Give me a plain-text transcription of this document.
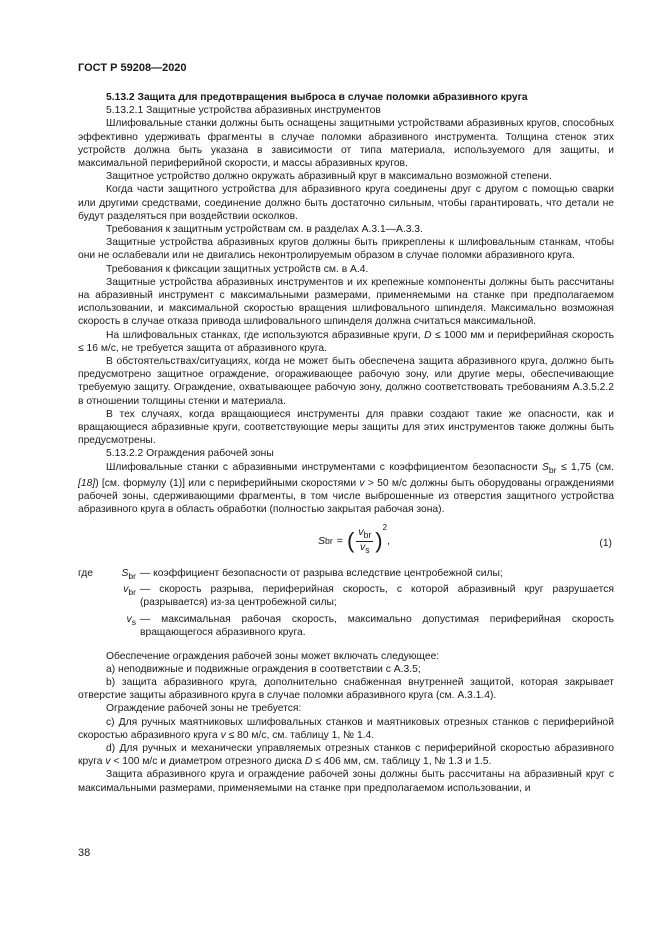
ГОСТ Р 59208—2020

5.13.2 Защита для предотвращения выброса в случае поломки абразивного круга

5.13.2.1 Защитные устройства абразивных инструментов

Шлифовальные станки должны быть оснащены защитными устройствами абразивных кругов, способных эффективно удерживать фрагменты в случае поломки абразивного инструмента. Толщина стенок этих устройств должна быть указана в зависимости от типа материала, используемого для защиты, и максимальной периферийной скорости, и массы абразивных кругов.

Защитное устройство должно окружать абразивный круг в максимально возможной степени.

Когда части защитного устройства для абразивного круга соединены друг с другом с помощью сварки или другими средствами, соединение должно быть достаточно сильным, чтобы гарантировать, что детали не будут разделяться при воздействии осколков.

Требования к защитным устройствам см. в разделах А.3.1—А.3.3.

Защитные устройства абразивных кругов должны быть прикреплены к шлифовальным станкам, чтобы они не ослабевали или не двигались неконтролируемым образом в случае поломки абразивного круга.

Требования к фиксации защитных устройств см. в А.4.

Защитные устройства абразивных инструментов и их крепежные компоненты должны быть рассчитаны на абразивный инструмент с максимальными размерами, применяемыми на станке при предполагаемом использовании, и максимальной скоростью вращения шлифовального шпинделя. Максимально возможная скорость в случае отказа привода шлифовального шпинделя должна считаться максимальной.

На шлифовальных станках, где используются абразивные круги, D ≤ 1000 мм и периферийная скорость ≤ 16 м/с, не требуется защита от абразивного круга.

В обстоятельствах/ситуациях, когда не может быть обеспечена защита абразивного круга, должно быть предусмотрено защитное ограждение, огораживающее рабочую зону, или другие меры, обеспечивающие требуемую защиту. Ограждение, охватывающее рабочую зону, должно соответствовать требованиям А.3.5.2.2 в отношении толщины стенки и материала.

В тех случаях, когда вращающиеся инструменты для правки создают такие же опасности, как и вращающиеся абразивные круги, соответствующие меры защиты для этих инструментов также должны быть предусмотрены.

5.13.2.2 Ограждения рабочей зоны

Шлифовальные станки с абразивными инструментами с коэффициентом безопасности $S_{br} \le 1,75$ (см. [18]) [см. формулу (1)] или с периферийными скоростями v > 50 м/с должны быть оборудованы ограждениями рабочей зоны, сдерживающими фрагменты, в том числе выброшенные из отверстия защитного устройства абразивного круга в область обработки (полностью закрытая рабочая зона).

S br = ( $\frac{v_{br}}{v_s}$ )
2
,	(1)
где	$S_{br}$ — коэффициент безопасности от разрыва вследствие центробежной силы;
$v_{br}$ — скорость разрыва, периферийная скорость, с которой абразивный круг разрушается (разрывается) из-за центробежной силы;
$v_s$ — максимальная рабочая скорость, максимально допустимая периферийная скорость вращающегося абразивного круга.

Обеспечение ограждения рабочей зоны может включать следующее:

a) неподвижные и подвижные ограждения в соответствии с А.3.5;

b) защита абразивного круга, дополнительно снабженная внутренней защитой, которая закрывает отверстие защиты абразивного круга в случае поломки абразивного круга (см. А.3.1.4).

Ограждение рабочей зоны не требуется:

c) Для ручных маятниковых шлифовальных станков и маятниковых отрезных станков с периферийной скоростью абразивного круга v ≤ 80 м/с, см. таблицу 1, № 1.4.

d) Для ручных и механически управляемых отрезных станков с периферийной скоростью абразивного круга v < 100 м/с и диаметром отрезного диска D ≤ 406 мм, см. таблицу 1, № 1.3 и 1.5.

Защита абразивного круга и ограждение рабочей зоны должны быть рассчитаны на абразивный круг с максимальными размерами, применяемыми на станке при предполагаемом использовании, и

38
